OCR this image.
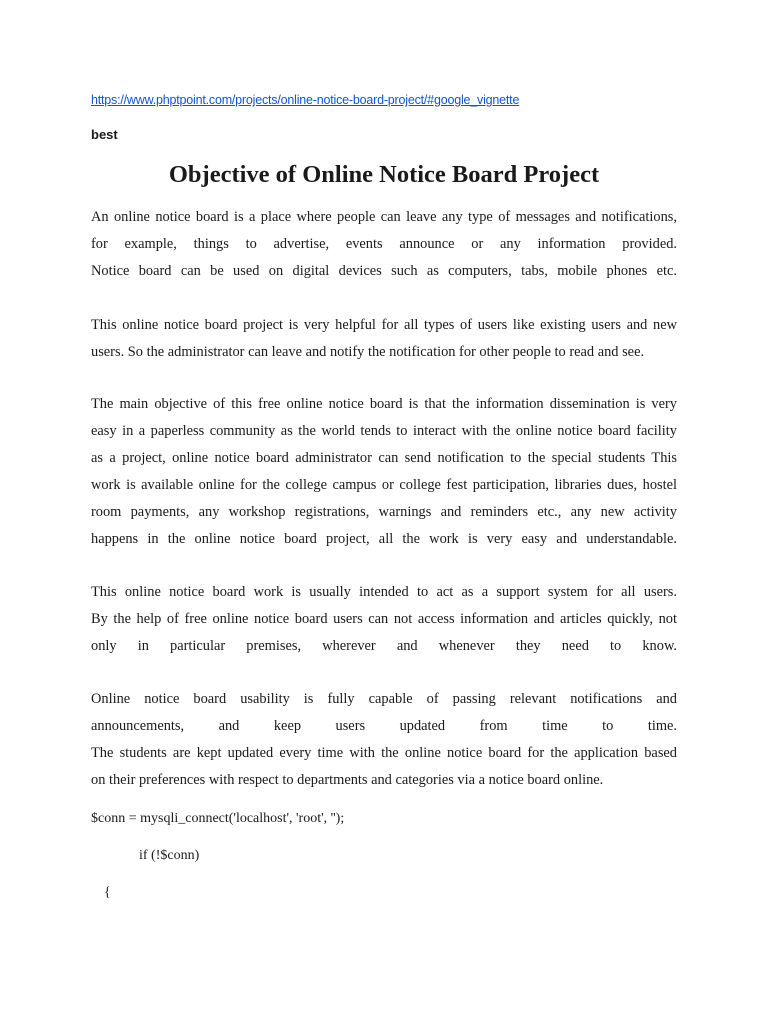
https://www.phptpoint.com/projects/online-notice-board-project/#google_vignette
best
Objective of Online Notice Board Project
An online notice board is a place where people can leave any type of messages and notifications,
for example, things to advertise, events announce or any information provided.
Notice board can be used on digital devices such as computers, tabs, mobile phones etc.
This online notice board project is very helpful for all types of users like existing users and new
users. So the administrator can leave and notify the notification for other people to read and see.
The main objective of this free online notice board is that the information dissemination is very
easy in a paperless community as the world tends to interact with the online notice board facility
as a project, online notice board administrator can send notification to the special students This
work is available online for the college campus or college fest participation, libraries dues, hostel
room payments, any workshop registrations, warnings and reminders etc., any new activity
happens in the online notice board project, all the work is very easy and understandable.
This online notice board work is usually intended to act as a support system for all users.
By the help of free online notice board users can not access information and articles quickly, not
only in particular premises, wherever and whenever they need to know.
Online notice board usability is fully capable of passing relevant notifications and
announcements, and keep users updated from time to time.
The students are kept updated every time with the online notice board for the application based
on their preferences with respect to departments and categories via a notice board online.
$conn = mysqli_connect('localhost', 'root', '');
if (!$conn)
{
